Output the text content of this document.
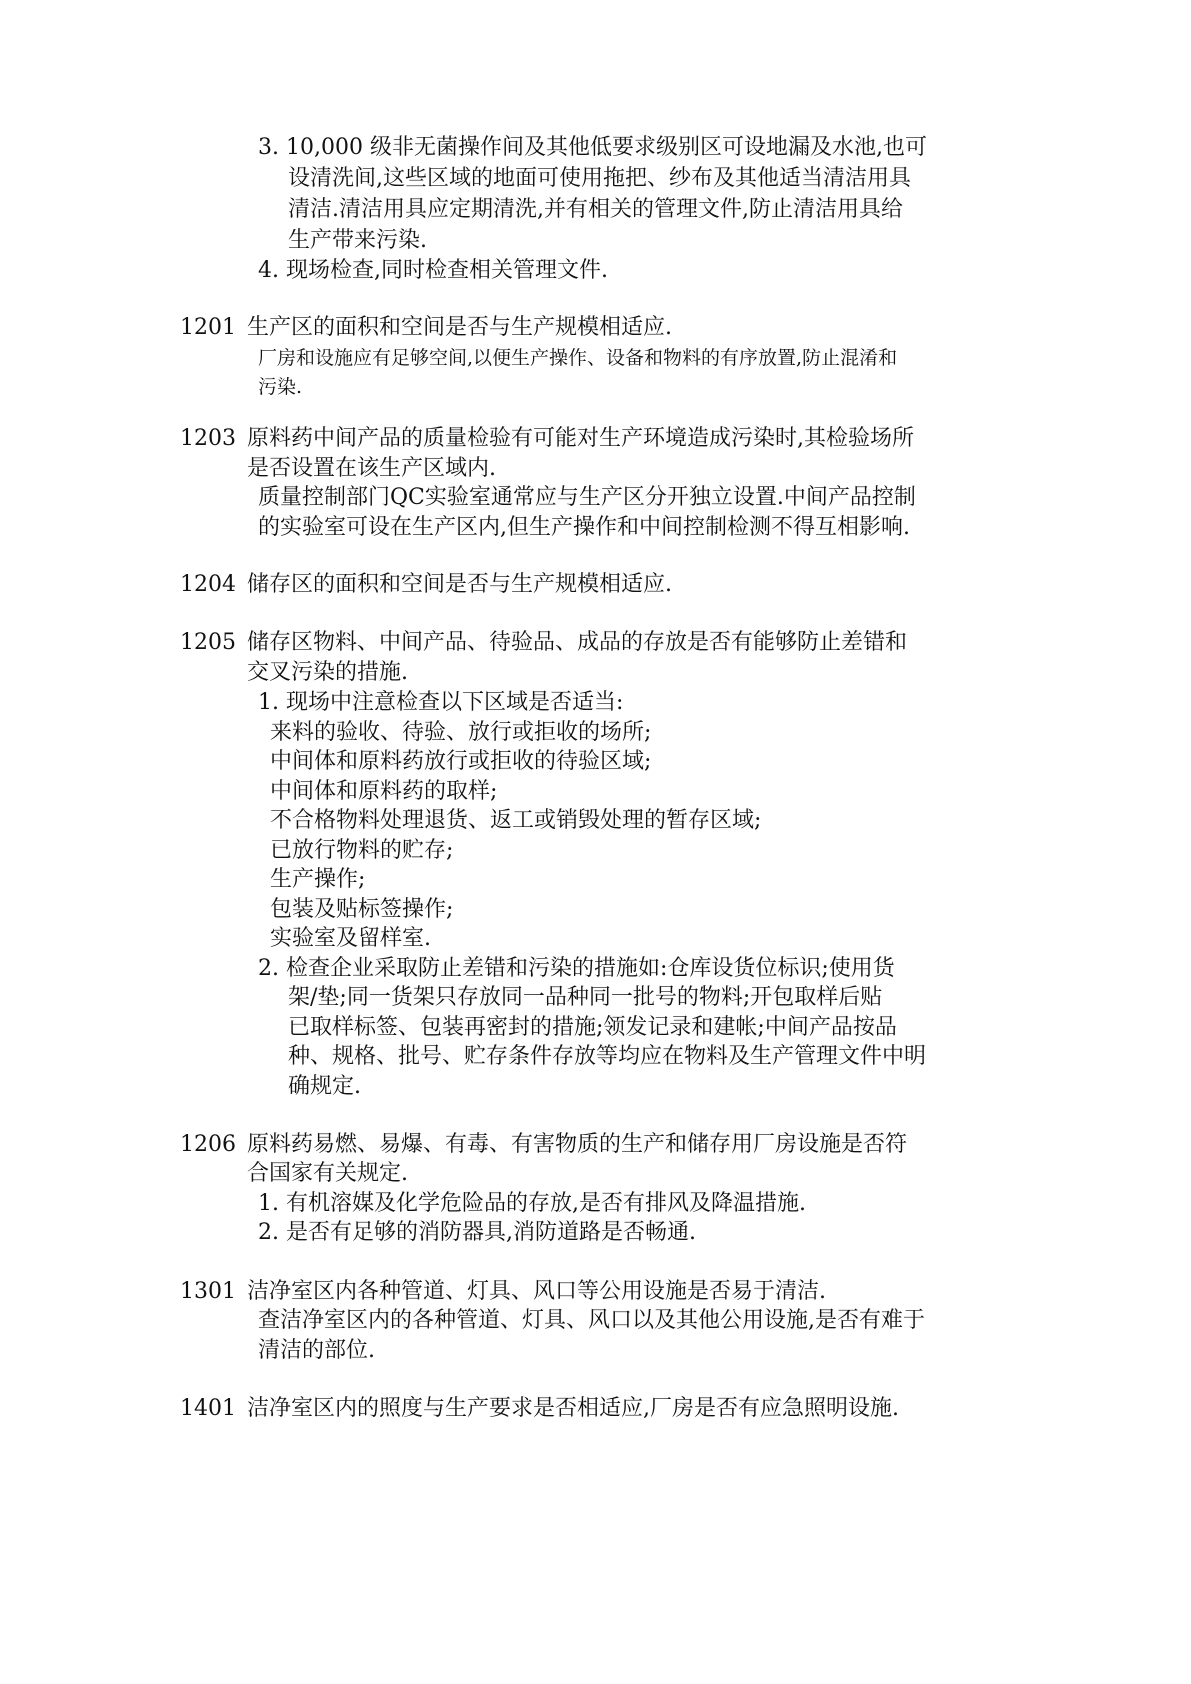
3. 10,000 级非无菌操作间及其他低要求级别区可设地漏及水池,也可
设清洗间,这些区域的地面可使用拖把、纱布及其他适当清洁用具
清洁.清洁用具应定期清洗,并有相关的管理文件,防止清洁用具给
生产带来污染.
4. 现场检查,同时检查相关管理文件.
1201 生产区的面积和空间是否与生产规模相适应.
厂房和设施应有足够空间,以便生产操作、设备和物料的有序放置,防止混淆和
污染.
1203 原料药中间产品的质量检验有可能对生产环境造成污染时,其检验场所
是否设置在该生产区域内.
质量控制部门QC实验室通常应与生产区分开独立设置.中间产品控制
的实验室可设在生产区内,但生产操作和中间控制检测不得互相影响.
1204 储存区的面积和空间是否与生产规模相适应.
1205 储存区物料、中间产品、待验品、成品的存放是否有能够防止差错和
交叉污染的措施.
1. 现场中注意检查以下区域是否适当:
来料的验收、待验、放行或拒收的场所;
中间体和原料药放行或拒收的待验区域;
中间体和原料药的取样;
不合格物料处理退货、返工或销毁处理的暂存区域;
已放行物料的贮存;
生产操作;
包装及贴标签操作;
实验室及留样室.
2. 检查企业采取防止差错和污染的措施如:仓库设货位标识;使用货
架/垫;同一货架只存放同一品种同一批号的物料;开包取样后贴
已取样标签、包装再密封的措施;领发记录和建帐;中间产品按品
种、规格、批号、贮存条件存放等均应在物料及生产管理文件中明
确规定.
1206 原料药易燃、易爆、有毒、有害物质的生产和储存用厂房设施是否符
合国家有关规定.
1. 有机溶媒及化学危险品的存放,是否有排风及降温措施.
2. 是否有足够的消防器具,消防道路是否畅通.
1301 洁净室区内各种管道、灯具、风口等公用设施是否易于清洁.
查洁净室区内的各种管道、灯具、风口以及其他公用设施,是否有难于
清洁的部位.
1401 洁净室区内的照度与生产要求是否相适应,厂房是否有应急照明设施.
